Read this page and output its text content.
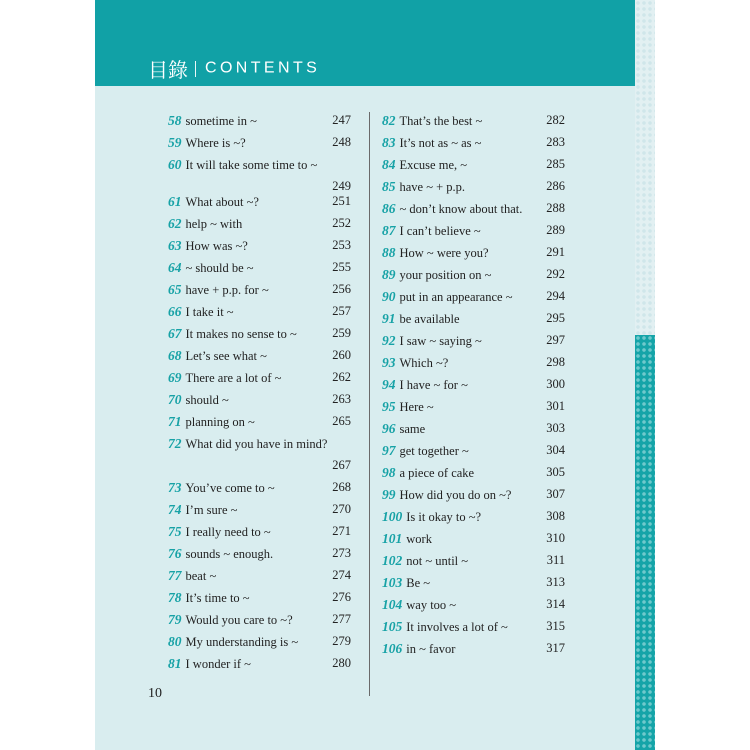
目錄 CONTENTS
58 sometime in ~	247
59 Where is ~?	248
60 It will take some time to ~
249
61 What about ~?	251
62 help ~ with	252
63 How was ~?	253
64 ~ should be ~	255
65 have + p.p. for ~	256
66 I take it ~	257
67 It makes no sense to ~	259
68 Let’s see what ~	260
69 There are a lot of ~	262
70 should ~	263
71 planning on ~	265
72 What did you have in mind?
267
73 You’ve come to ~	268
74 I’m sure ~	270
75 I really need to ~	271
76 sounds ~ enough.	273
77 beat ~	274
78 It’s time to ~	276
79 Would you care to ~?	277
80 My understanding is ~	279
81 I wonder if ~	280
82 That’s the best ~	282
83 It’s not as ~ as ~	283
84 Excuse me, ~	285
85 have ~ + p.p.	286
86 ~ don’t know about that. 288
87 I can’t believe ~	289
88 How ~ were you?	291
89 your position on ~	292
90 put in an appearance ~	294
91 be available	295
92 I saw ~ saying ~	297
93 Which ~?	298
94 I have ~ for ~	300
95 Here ~	301
96 same	303
97 get together ~	304
98 a piece of cake	305
99 How did you do on ~?	307
100 Is it okay to ~?	308
101 work	310
102 not ~ until ~	311
103 Be ~	313
104 way too ~	314
105 It involves a lot of ~	315
106 in ~ favor	317
10
